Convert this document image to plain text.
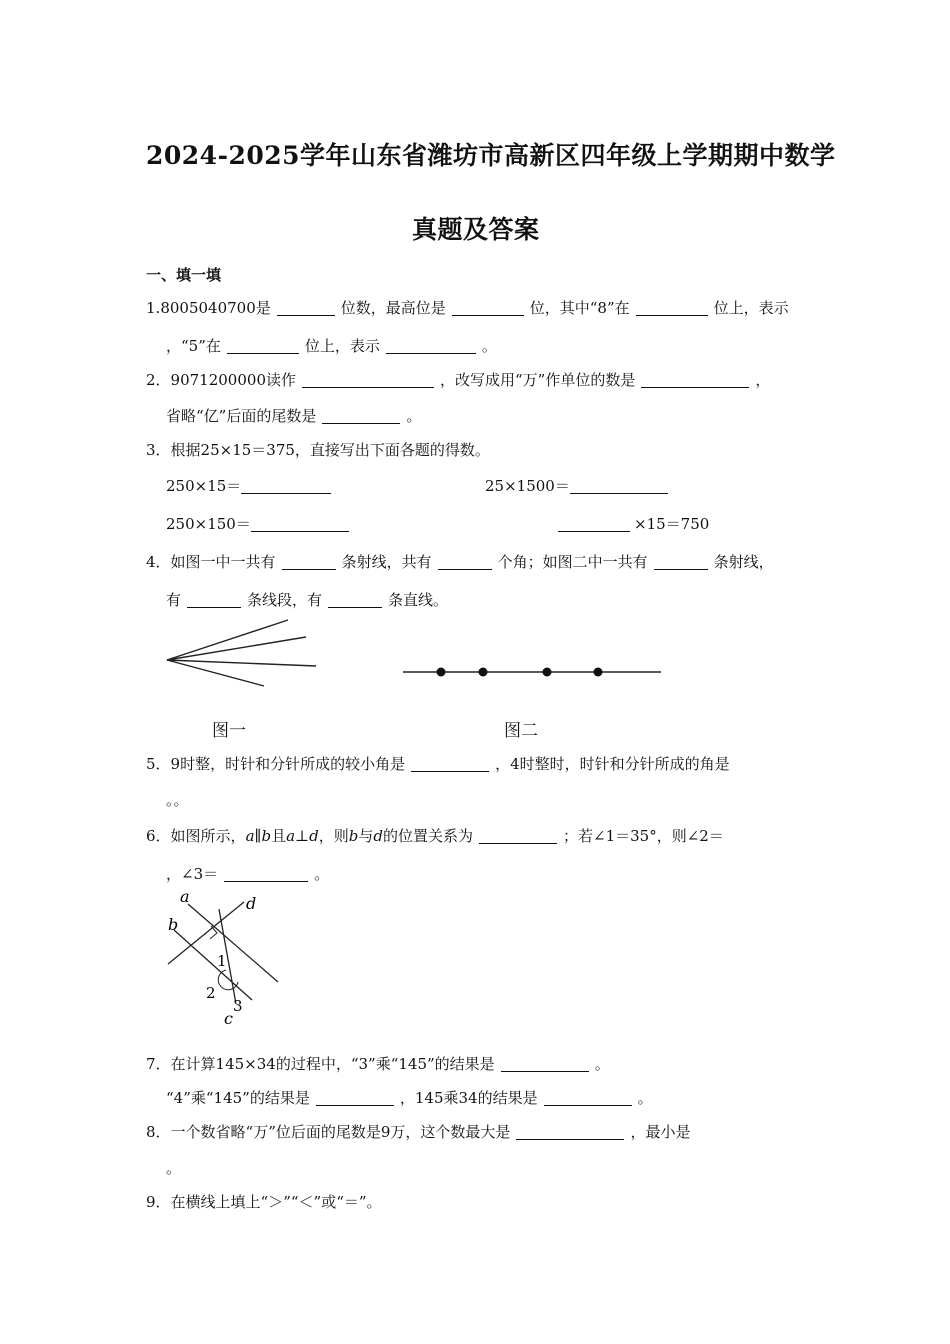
2024-2025学年山东省潍坊市高新区四年级上学期期中数学
真题及答案
一、填一填
1.8005040700是	位数，最高位是	位，其中“8”在	位上，表示
，“5”在	位上，表示	。
2．9071200000读作	，改写成用“万”作单位的数是	，
省略“亿”后面的尾数是	。
3．根据25×15＝375，直接写出下面各题的得数。
250×15＝	25×1500＝
250×150＝	×15＝750
4．如图一中一共有	条射线，共有	个角；如图二中一共有	条射线，
有	条线段，有	条直线。
图一	图二
5．9时整，时针和分针所成的较小角是	，4时整时，时针和分针所成的角是
。。
6．如图所示，a∥b且a⊥d，则b与d的位置关系为	；若∠1＝35°，则∠2＝
，∠3＝	。
a
b
c
d
1
2
3
7．在计算145×34的过程中，“3”乘“145”的结果是	。
“4”乘“145”的结果是	，145乘34的结果是	。
8．一个数省略“万”位后面的尾数是9万，这个数最大是	，最小是
。
9．在横线上填上“＞”“＜”或“＝”。
